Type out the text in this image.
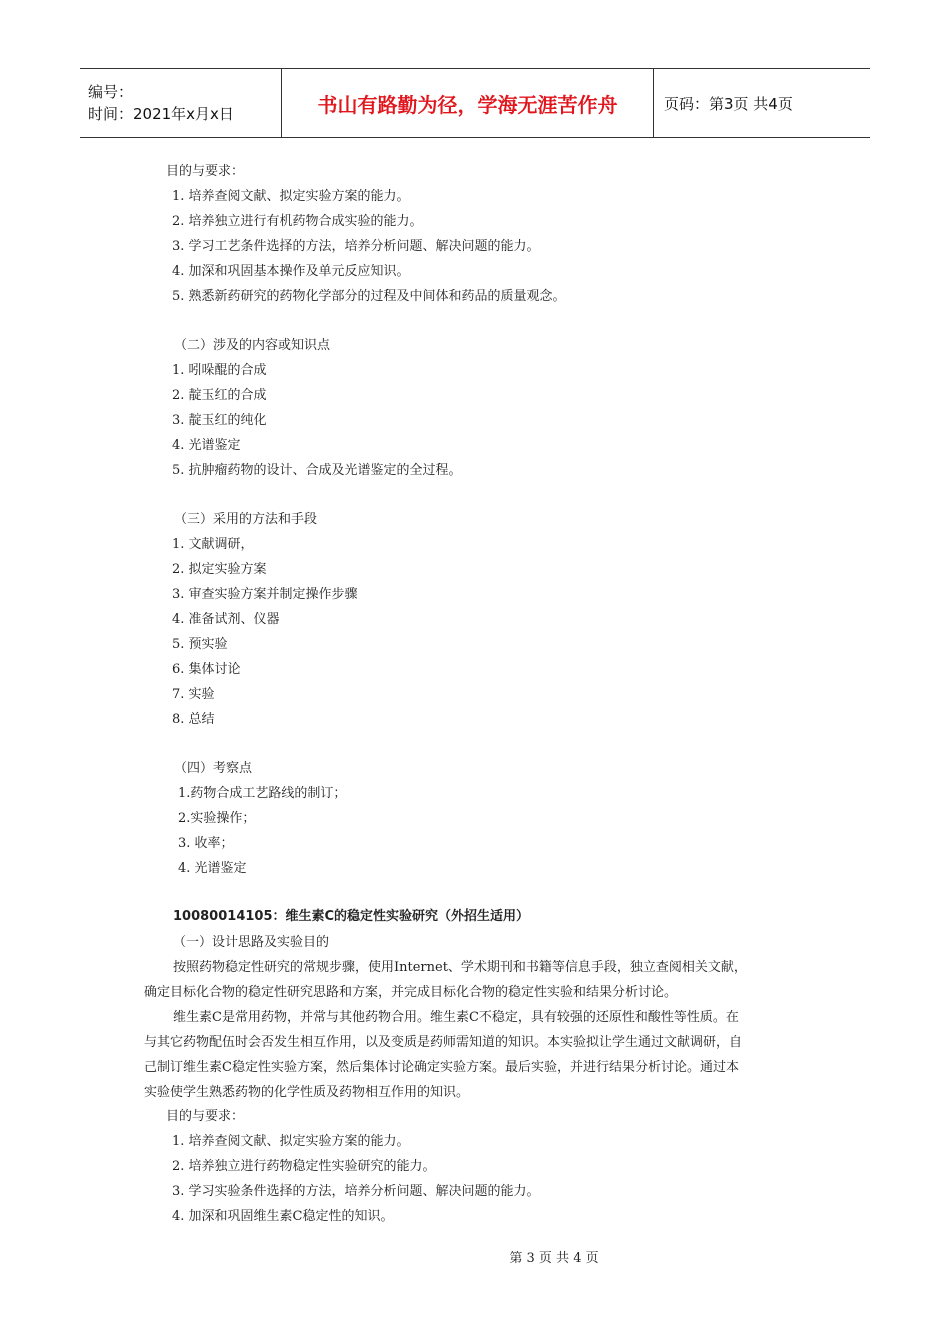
编号：
时间：2021年x月x日	书山有路勤为径，学海无涯苦作舟	页码：第3页 共4页
目的与要求：
1. 培养查阅文献、拟定实验方案的能力。
2. 培养独立进行有机药物合成实验的能力。
3. 学习工艺条件选择的方法，培养分析问题、解决问题的能力。
4. 加深和巩固基本操作及单元反应知识。
5. 熟悉新药研究的药物化学部分的过程及中间体和药品的质量观念。
（二）涉及的内容或知识点
1. 吲哚醌的合成
2. 靛玉红的合成
3. 靛玉红的纯化
4. 光谱鉴定
5. 抗肿瘤药物的设计、合成及光谱鉴定的全过程。
（三）采用的方法和手段
1. 文献调研，
2. 拟定实验方案
3. 审查实验方案并制定操作步骤
4. 准备试剂、仪器
5. 预实验
6. 集体讨论
7. 实验
8. 总结
（四）考察点
1.药物合成工艺路线的制订；
2.实验操作；
3. 收率；
4. 光谱鉴定
10080014105：维生素C的稳定性实验研究（外招生适用）
（一）设计思路及实验目的
按照药物稳定性研究的常规步骤，使用Internet、学术期刊和书籍等信息手段，独立查阅相关文献，
确定目标化合物的稳定性研究思路和方案，并完成目标化合物的稳定性实验和结果分析讨论。
维生素C是常用药物，并常与其他药物合用。维生素C不稳定，具有较强的还原性和酸性等性质。在
与其它药物配伍时会否发生相互作用，以及变质是药师需知道的知识。本实验拟让学生通过文献调研，自
己制订维生素C稳定性实验方案，然后集体讨论确定实验方案。最后实验，并进行结果分析讨论。通过本
实验使学生熟悉药物的化学性质及药物相互作用的知识。
目的与要求：
1. 培养查阅文献、拟定实验方案的能力。
2. 培养独立进行药物稳定性实验研究的能力。
3. 学习实验条件选择的方法，培养分析问题、解决问题的能力。
4. 加深和巩固维生素C稳定性的知识。
第 3 页 共 4 页
